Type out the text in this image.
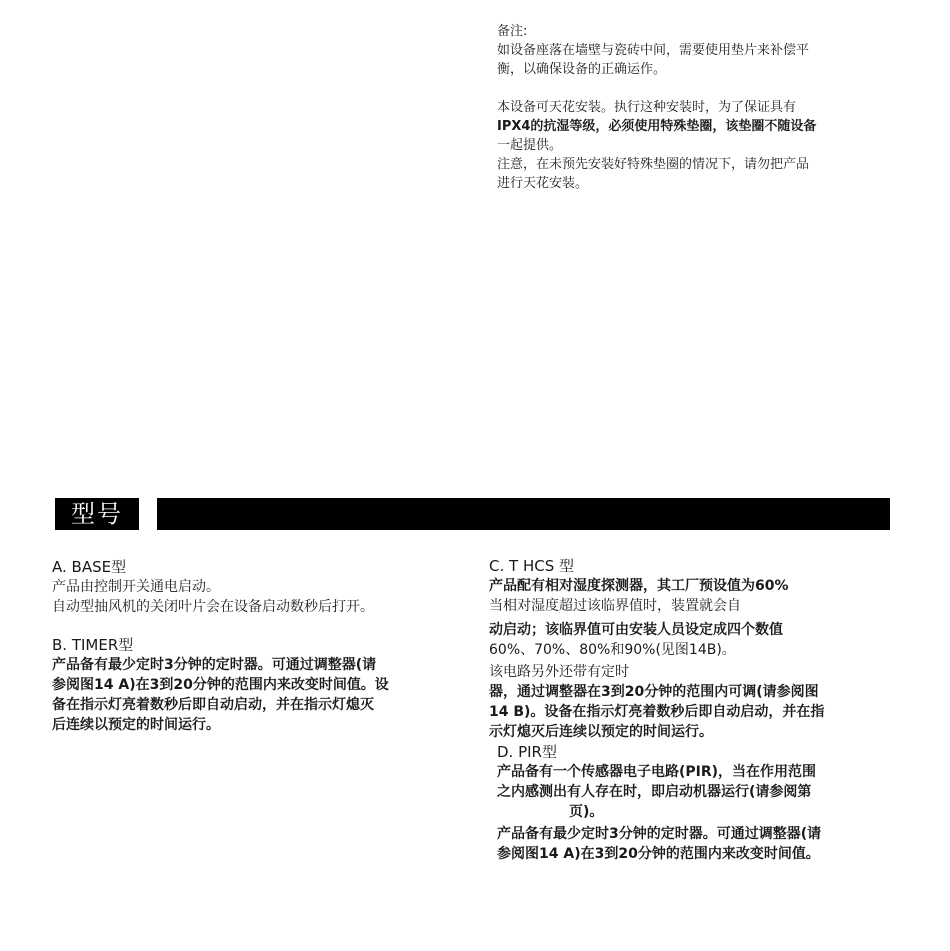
备注:
如设备座落在墙壁与瓷砖中间，需要使用垫片来补偿平
衡，以确保设备的正确运作。
本设备可天花安装。执行这种安装时，为了保证具有
IPX4的抗湿等级，必须使用特殊垫圈，该垫圈不随设备
一起提供。
注意，在未预先安装好特殊垫圈的情况下，请勿把产品
进行天花安装。
型号
A. BASE型
产品由控制开关通电启动。
自动型抽风机的关闭叶片会在设备启动数秒后打开。
B. TIMER型
产品备有最少定时3分钟的定时器。可通过调整器(请
参阅图14 A)在3到20分钟的范围内来改变时间值。设
备在指示灯亮着数秒后即自动启动，并在指示灯熄灭
后连续以预定的时间运行。
C. T HCS 型
产品配有相对湿度探测器，其工厂预设值为60%
当相对湿度超过该临界值时，装置就会自
动启动；该临界值可由安装人员设定成四个数值
60%、70%、80%和90%(见图14B)。
该电路另外还带有定时
器，通过调整器在3到20分钟的范围内可调(请参阅图
14 B)。设备在指示灯亮着数秒后即自动启动，并在指
示灯熄灭后连续以预定的时间运行。
D. PIR型
产品备有一个传感器电子电路(PIR)，当在作用范围
之内感测出有人存在时，即启动机器运行(请参阅第
页)。
产品备有最少定时3分钟的定时器。可通过调整器(请
参阅图14 A)在3到20分钟的范围内来改变时间值。
